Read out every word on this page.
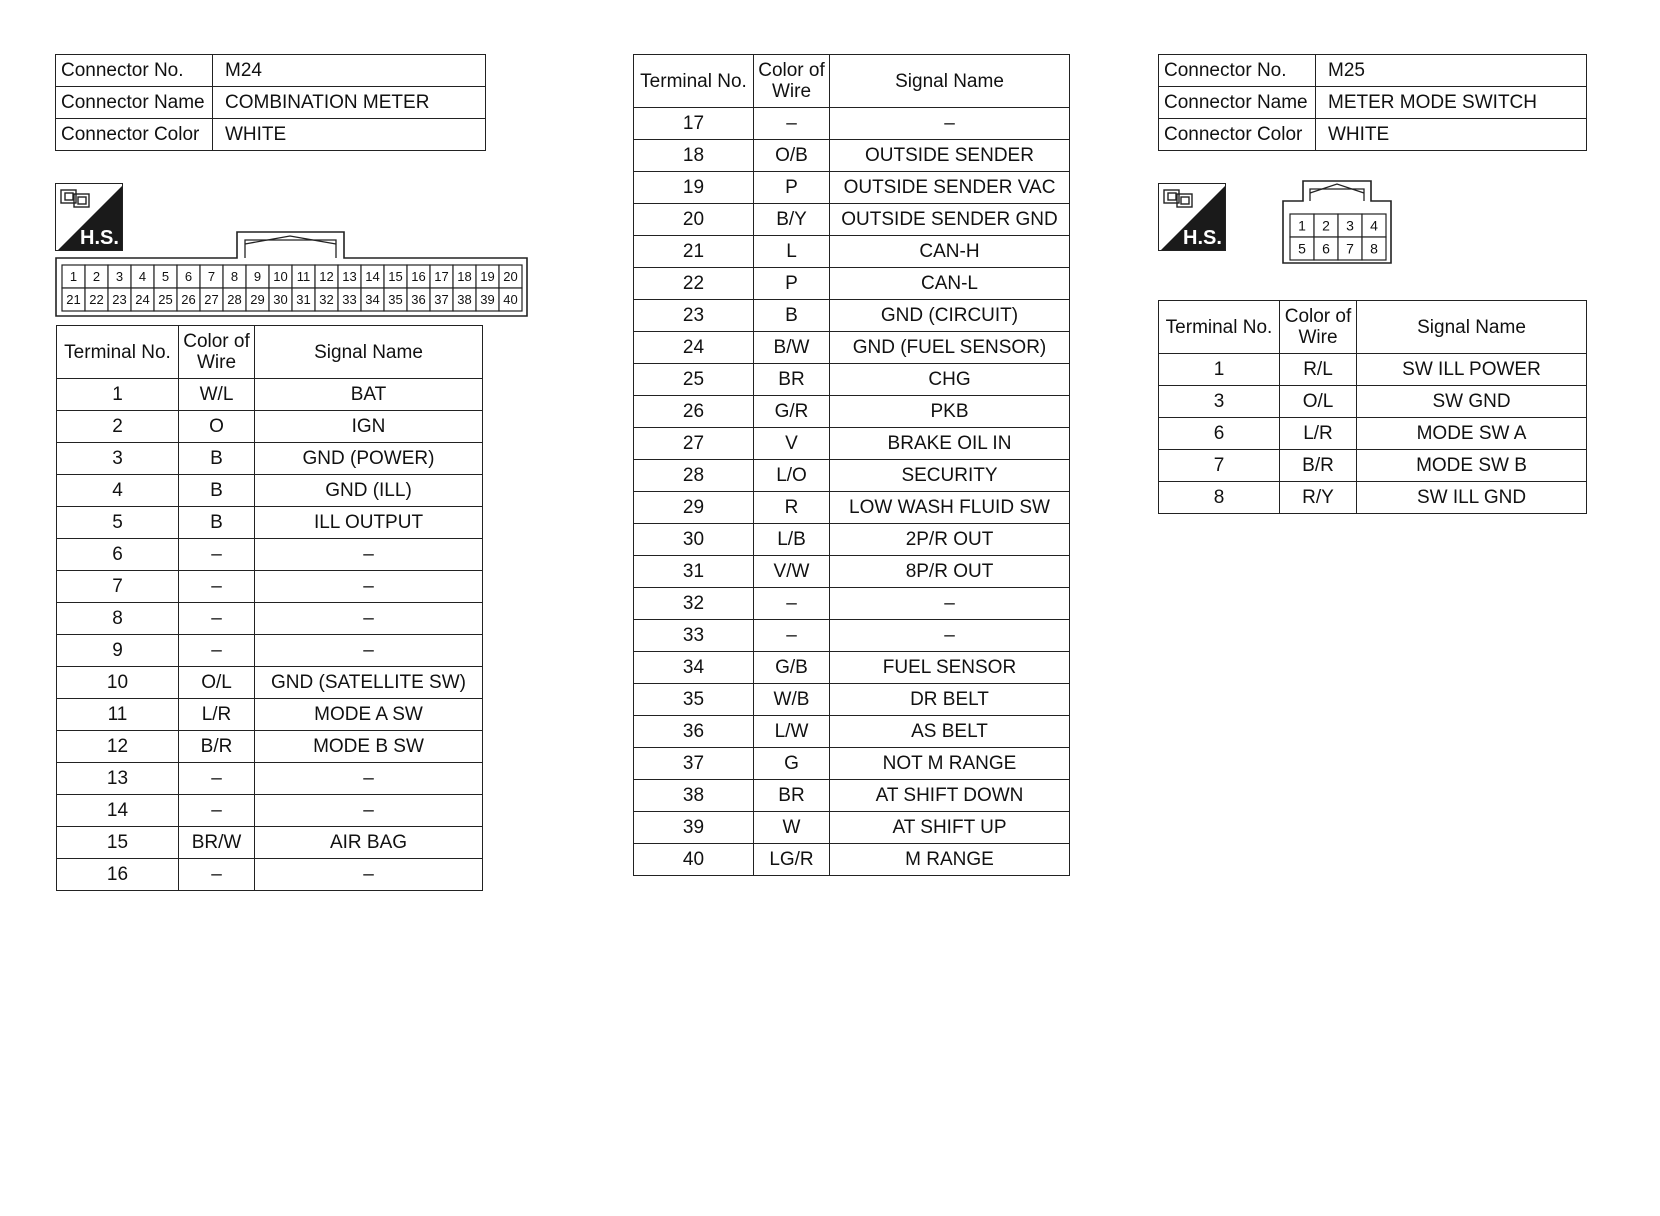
Connector No.	M24
Connector Name	COMBINATION METER
Connector Color	WHITE
H.S.
1 2 3 4 5 6 7 8 9 10 11 12 13 14 15 16 17 18 19 20
21 22 23 24 25 26 27 28 29 30 31 32 33 34 35 36 37 38 39 40
Terminal No.	Color of Wire	Signal Name
1	W/L	BAT
2	O	IGN
3	B	GND (POWER)
4	B	GND (ILL)
5	B	ILL OUTPUT
6	–	–
7	–	–
8	–	–
9	–	–
10	O/L	GND (SATELLITE SW)
11	L/R	MODE A SW
12	B/R	MODE B SW
13	–	–
14	–	–
15	BR/W	AIR BAG
16	–	–
Terminal No.	Color of Wire	Signal Name
17	–	–
18	O/B	OUTSIDE SENDER
19	P	OUTSIDE SENDER VAC
20	B/Y	OUTSIDE SENDER GND
21	L	CAN-H
22	P	CAN-L
23	B	GND (CIRCUIT)
24	B/W	GND (FUEL SENSOR)
25	BR	CHG
26	G/R	PKB
27	V	BRAKE OIL IN
28	L/O	SECURITY
29	R	LOW WASH FLUID SW
30	L/B	2P/R OUT
31	V/W	8P/R OUT
32	–	–
33	–	–
34	G/B	FUEL SENSOR
35	W/B	DR BELT
36	L/W	AS BELT
37	G	NOT M RANGE
38	BR	AT SHIFT DOWN
39	W	AT SHIFT UP
40	LG/R	M RANGE
Connector No.	M25
Connector Name	METER MODE SWITCH
Connector Color	WHITE
H.S.
1 2 3 4
5 6 7 8
Terminal No.	Color of Wire	Signal Name
1	R/L	SW ILL POWER
3	O/L	SW GND
6	L/R	MODE SW A
7	B/R	MODE SW B
8	R/Y	SW ILL GND
